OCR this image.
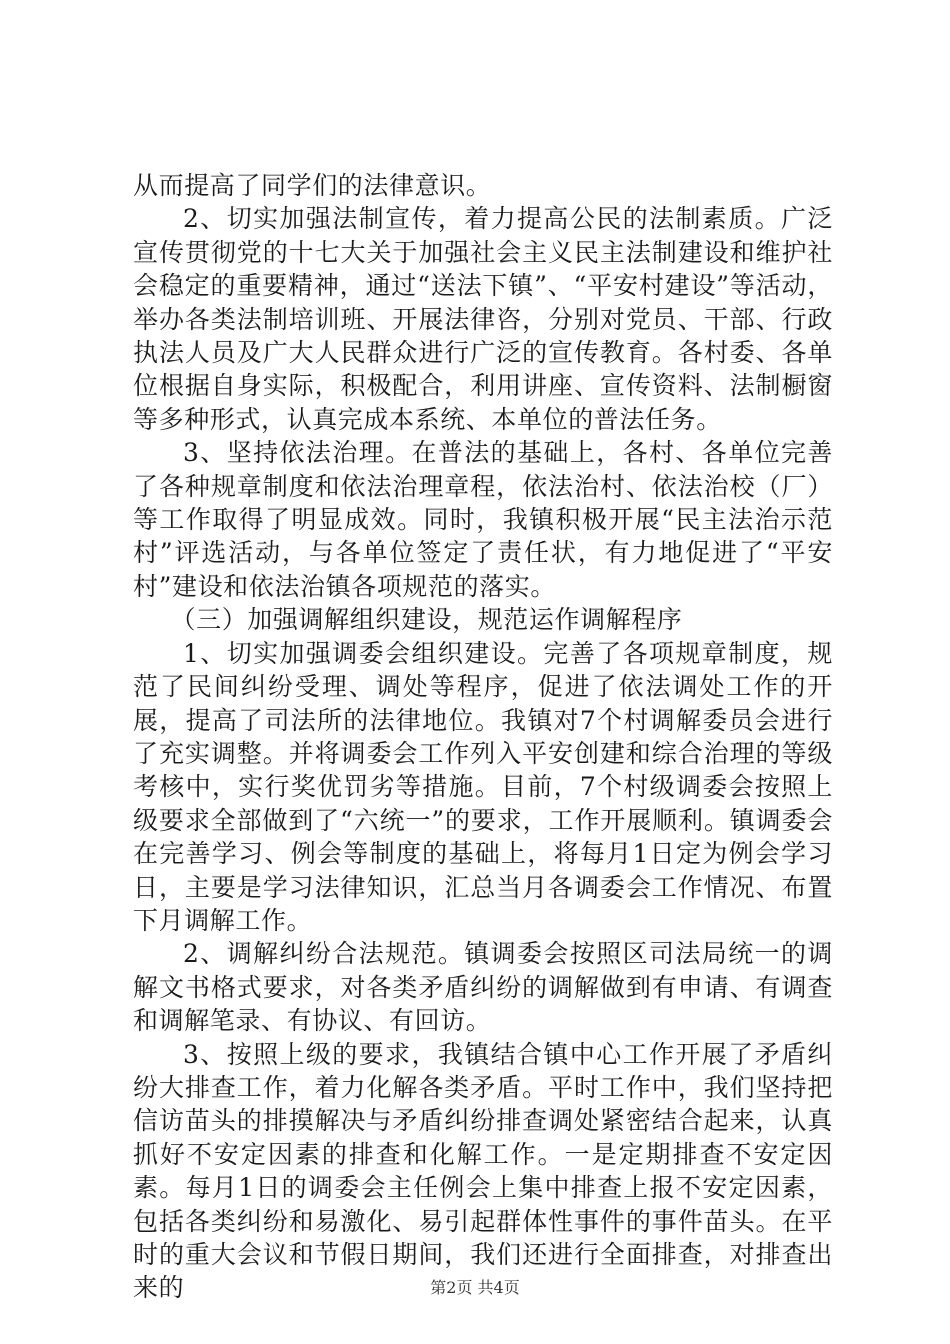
从而提高了同学们的法律意识。

2、切实加强法制宣传，着力提高公民的法制素质。广泛宣传贯彻党的十七大关于加强社会主义民主法制建设和维护社会稳定的重要精神，通过“送法下镇”、“平安村建设”等活动，举办各类法制培训班、开展法律咨，分别对党员、干部、行政执法人员及广大人民群众进行广泛的宣传教育。各村委、各单位根据自身实际，积极配合，利用讲座、宣传资料、法制橱窗等多种形式，认真完成本系统、本单位的普法任务。

3、坚持依法治理。在普法的基础上，各村、各单位完善了各种规章制度和依法治理章程，依法治村、依法治校（厂）等工作取得了明显成效。同时，我镇积极开展“民主法治示范村”评选活动，与各单位签定了责任状，有力地促进了“平安村”建设和依法治镇各项规范的落实。

（三）加强调解组织建设，规范运作调解程序

1、切实加强调委会组织建设。完善了各项规章制度，规范了民间纠纷受理、调处等程序，促进了依法调处工作的开展，提高了司法所的法律地位。我镇对7个村调解委员会进行了充实调整。并将调委会工作列入平安创建和综合治理的等级考核中，实行奖优罚劣等措施。目前，7个村级调委会按照上级要求全部做到了“六统一”的要求，工作开展顺利。镇调委会在完善学习、例会等制度的基础上，将每月1日定为例会学习日，主要是学习法律知识，汇总当月各调委会工作情况、布置下月调解工作。

2、调解纠纷合法规范。镇调委会按照区司法局统一的调解文书格式要求，对各类矛盾纠纷的调解做到有申请、有调查和调解笔录、有协议、有回访。

3、按照上级的要求，我镇结合镇中心工作开展了矛盾纠纷大排查工作，着力化解各类矛盾。平时工作中，我们坚持把信访苗头的排摸解决与矛盾纠纷排查调处紧密结合起来，认真抓好不安定因素的排查和化解工作。一是定期排查不安定因素。每月1日的调委会主任例会上集中排查上报不安定因素，包括各类纠纷和易激化、易引起群体性事件的事件苗头。在平时的重大会议和节假日期间，我们还进行全面排查，对排查出来的	第2页 共4页
